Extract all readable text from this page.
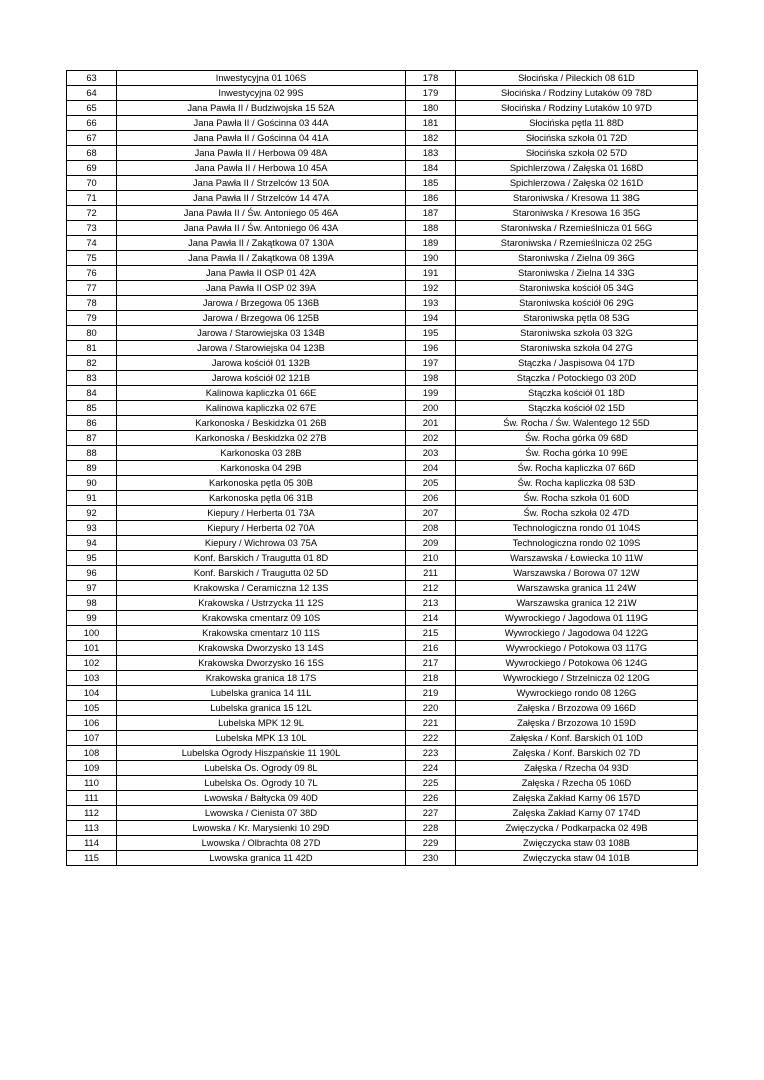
63	Inwestycyjna 01 106S	178	Słocińska / Pileckich 08 61D
64	Inwestycyjna 02 99S	179	Słocińska / Rodziny Lutaków 09 78D
65	Jana Pawła II / Budziwojska 15 52A	180	Słocińska / Rodziny Lutaków 10 97D
66	Jana Pawła II / Gościnna 03 44A	181	Słocińska pętla 11 88D
67	Jana Pawła II / Gościnna 04 41A	182	Słocińska szkoła 01 72D
68	Jana Pawła II / Herbowa 09 48A	183	Słocińska szkoła 02 57D
69	Jana Pawła II / Herbowa 10 45A	184	Spichlerzowa / Załęska 01 168D
70	Jana Pawła II / Strzelców 13 50A	185	Spichlerzowa / Załęska 02 161D
71	Jana Pawła II / Strzelców 14 47A	186	Staroniwska / Kresowa 11 38G
72	Jana Pawła II / Św. Antoniego 05 46A	187	Staroniwska / Kresowa 16 35G
73	Jana Pawła II / Św. Antoniego 06 43A	188	Staroniwska / Rzemieślnicza 01 56G
74	Jana Pawła II / Zakątkowa 07 130A	189	Staroniwska / Rzemieślnicza 02 25G
75	Jana Pawła II / Zakątkowa 08 139A	190	Staroniwska / Zielna 09 36G
76	Jana Pawła II OSP 01 42A	191	Staroniwska / Zielna 14 33G
77	Jana Pawła II OSP 02 39A	192	Staroniwska kościół 05 34G
78	Jarowa / Brzegowa 05 136B	193	Staroniwska kościół 06 29G
79	Jarowa / Brzegowa 06 125B	194	Staroniwska pętla 08 53G
80	Jarowa / Starowiejska 03 134B	195	Staroniwska szkoła 03 32G
81	Jarowa / Starowiejska 04 123B	196	Staroniwska szkoła 04 27G
82	Jarowa kościół 01 132B	197	Stączka / Jaspisowa 04 17D
83	Jarowa kościół 02 121B	198	Stączka / Potockiego 03 20D
84	Kalinowa kapliczka 01 66E	199	Stączka kościół 01 18D
85	Kalinowa kapliczka 02 67E	200	Stączka kościół 02 15D
86	Karkonoska / Beskidzka 01 26B	201	Św. Rocha / Św. Walentego 12 55D
87	Karkonoska / Beskidzka 02 27B	202	Św. Rocha górka 09 68D
88	Karkonoska 03 28B	203	Św. Rocha górka 10 99E
89	Karkonoska 04 29B	204	Św. Rocha kapliczka 07 66D
90	Karkonoska pętla 05 30B	205	Św. Rocha kapliczka 08 53D
91	Karkonoska pętla 06 31B	206	Św. Rocha szkoła 01 60D
92	Kiepury / Herberta 01 73A	207	Św. Rocha szkoła 02 47D
93	Kiepury / Herberta 02 70A	208	Technologiczna rondo 01 104S
94	Kiepury / Wichrowa 03 75A	209	Technologiczna rondo 02 109S
95	Konf. Barskich / Traugutta 01 8D	210	Warszawska / Łowiecka 10 11W
96	Konf. Barskich / Traugutta 02 5D	211	Warszawska / Borowa 07 12W
97	Krakowska / Ceramiczna 12 13S	212	Warszawska granica 11 24W
98	Krakowska / Ustrzycka 11 12S	213	Warszawska granica 12 21W
99	Krakowska cmentarz 09 10S	214	Wywrockiego / Jagodowa 01 119G
100	Krakowska cmentarz 10 11S	215	Wywrockiego / Jagodowa 04 122G
101	Krakowska Dworzysko 13 14S	216	Wywrockiego / Potokowa 03 117G
102	Krakowska Dworzysko 16 15S	217	Wywrockiego / Potokowa 06 124G
103	Krakowska granica 18 17S	218	Wywrockiego / Strzelnicza 02 120G
104	Lubelska granica 14 11L	219	Wywrockiego rondo 08 126G
105	Lubelska granica 15 12L	220	Załęska / Brzozowa 09 166D
106	Lubelska MPK 12 9L	221	Załęska / Brzozowa 10 159D
107	Lubelska MPK 13 10L	222	Załęska / Konf. Barskich 01 10D
108	Lubelska Ogrody Hiszpańskie 11 190L	223	Załęska / Konf. Barskich 02 7D
109	Lubelska Os. Ogrody 09 8L	224	Załęska / Rzecha 04 93D
110	Lubelska Os. Ogrody 10 7L	225	Załęska / Rzecha 05 106D
111	Lwowska / Bałtycka 09 40D	226	Załęska Zakład Karny 06 157D
112	Lwowska / Cienista 07 38D	227	Załęska Zakład Karny 07 174D
113	Lwowska / Kr. Marysienki 10 29D	228	Zwięczycka / Podkarpacka 02 49B
114	Lwowska / Olbrachta 08 27D	229	Zwięczycka staw 03 108B
115	Lwowska granica 11 42D	230	Zwięczycka staw 04 101B
